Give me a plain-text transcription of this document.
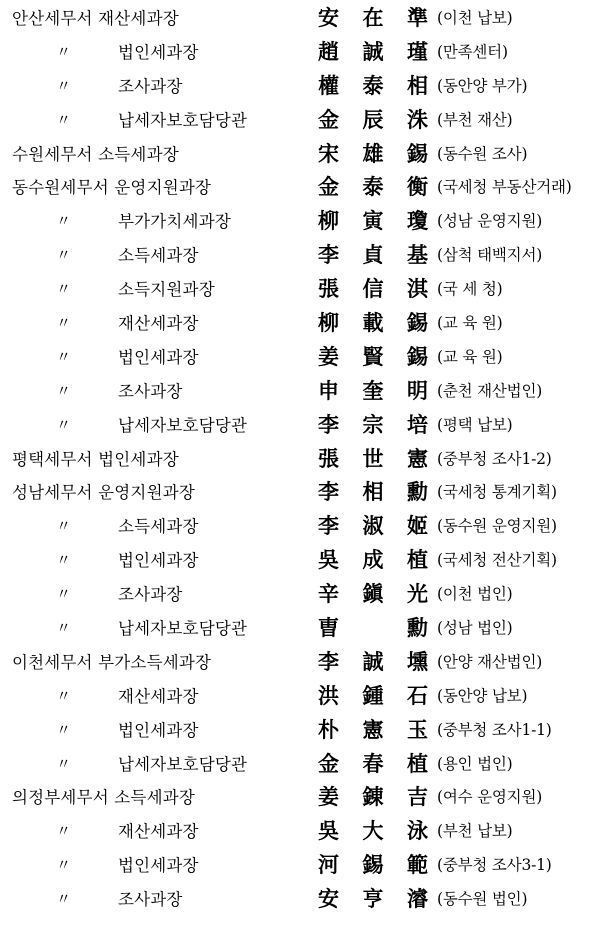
안산세무서 재산세과장	安 在 準 (이천 납보)
〃	법인세과장	趙 誠 瑾 (만족센터)
〃	조사과장	權 泰 相 (동안양 부가)
〃	납세자보호담당관	金 辰 洙 (부천 재산)
수원세무서 소득세과장	宋 雄 錫 (동수원 조사)
동수원세무서 운영지원과장	金 泰 衡 (국세청 부동산거래)
〃	부가가치세과장	柳 寅 瓊 (성남 운영지원)
〃	소득세과장	李 貞 基 (삼척 태백지서)
〃	소득지원과장	張 信 淇 (국 세 청)
〃	재산세과장	柳 載 錫 (교 육 원)
〃	법인세과장	姜 賢 錫 (교 육 원)
〃	조사과장	申 奎 明 (춘천 재산법인)
〃	납세자보호담당관	李 宗 培 (평택 납보)
평택세무서 법인세과장	張 世 憲 (중부청 조사1-2)
성남세무서 운영지원과장	李 相 勳 (국세청 통계기획)
〃	소득세과장	李 淑 姬 (동수원 운영지원)
〃	법인세과장	吳 成 植 (국세청 전산기획)
〃	조사과장	辛 鎭 光 (이천 법인)
〃	납세자보호담당관	曺	勳 (성남 법인)
이천세무서 부가소득세과장	李 誠 壎 (안양 재산법인)
〃	재산세과장	洪 鍾 石 (동안양 납보)
〃	법인세과장	朴 憲 玉 (중부청 조사1-1)
〃	납세자보호담당관	金 春 植 (용인 법인)
의정부세무서 소득세과장	姜 錬 吉 (여수 운영지원)
〃	재산세과장	吳 大 泳 (부천 납보)
〃	법인세과장	河 錫 範 (중부청 조사3-1)
〃	조사과장	安 亨 濬 (동수원 법인)
